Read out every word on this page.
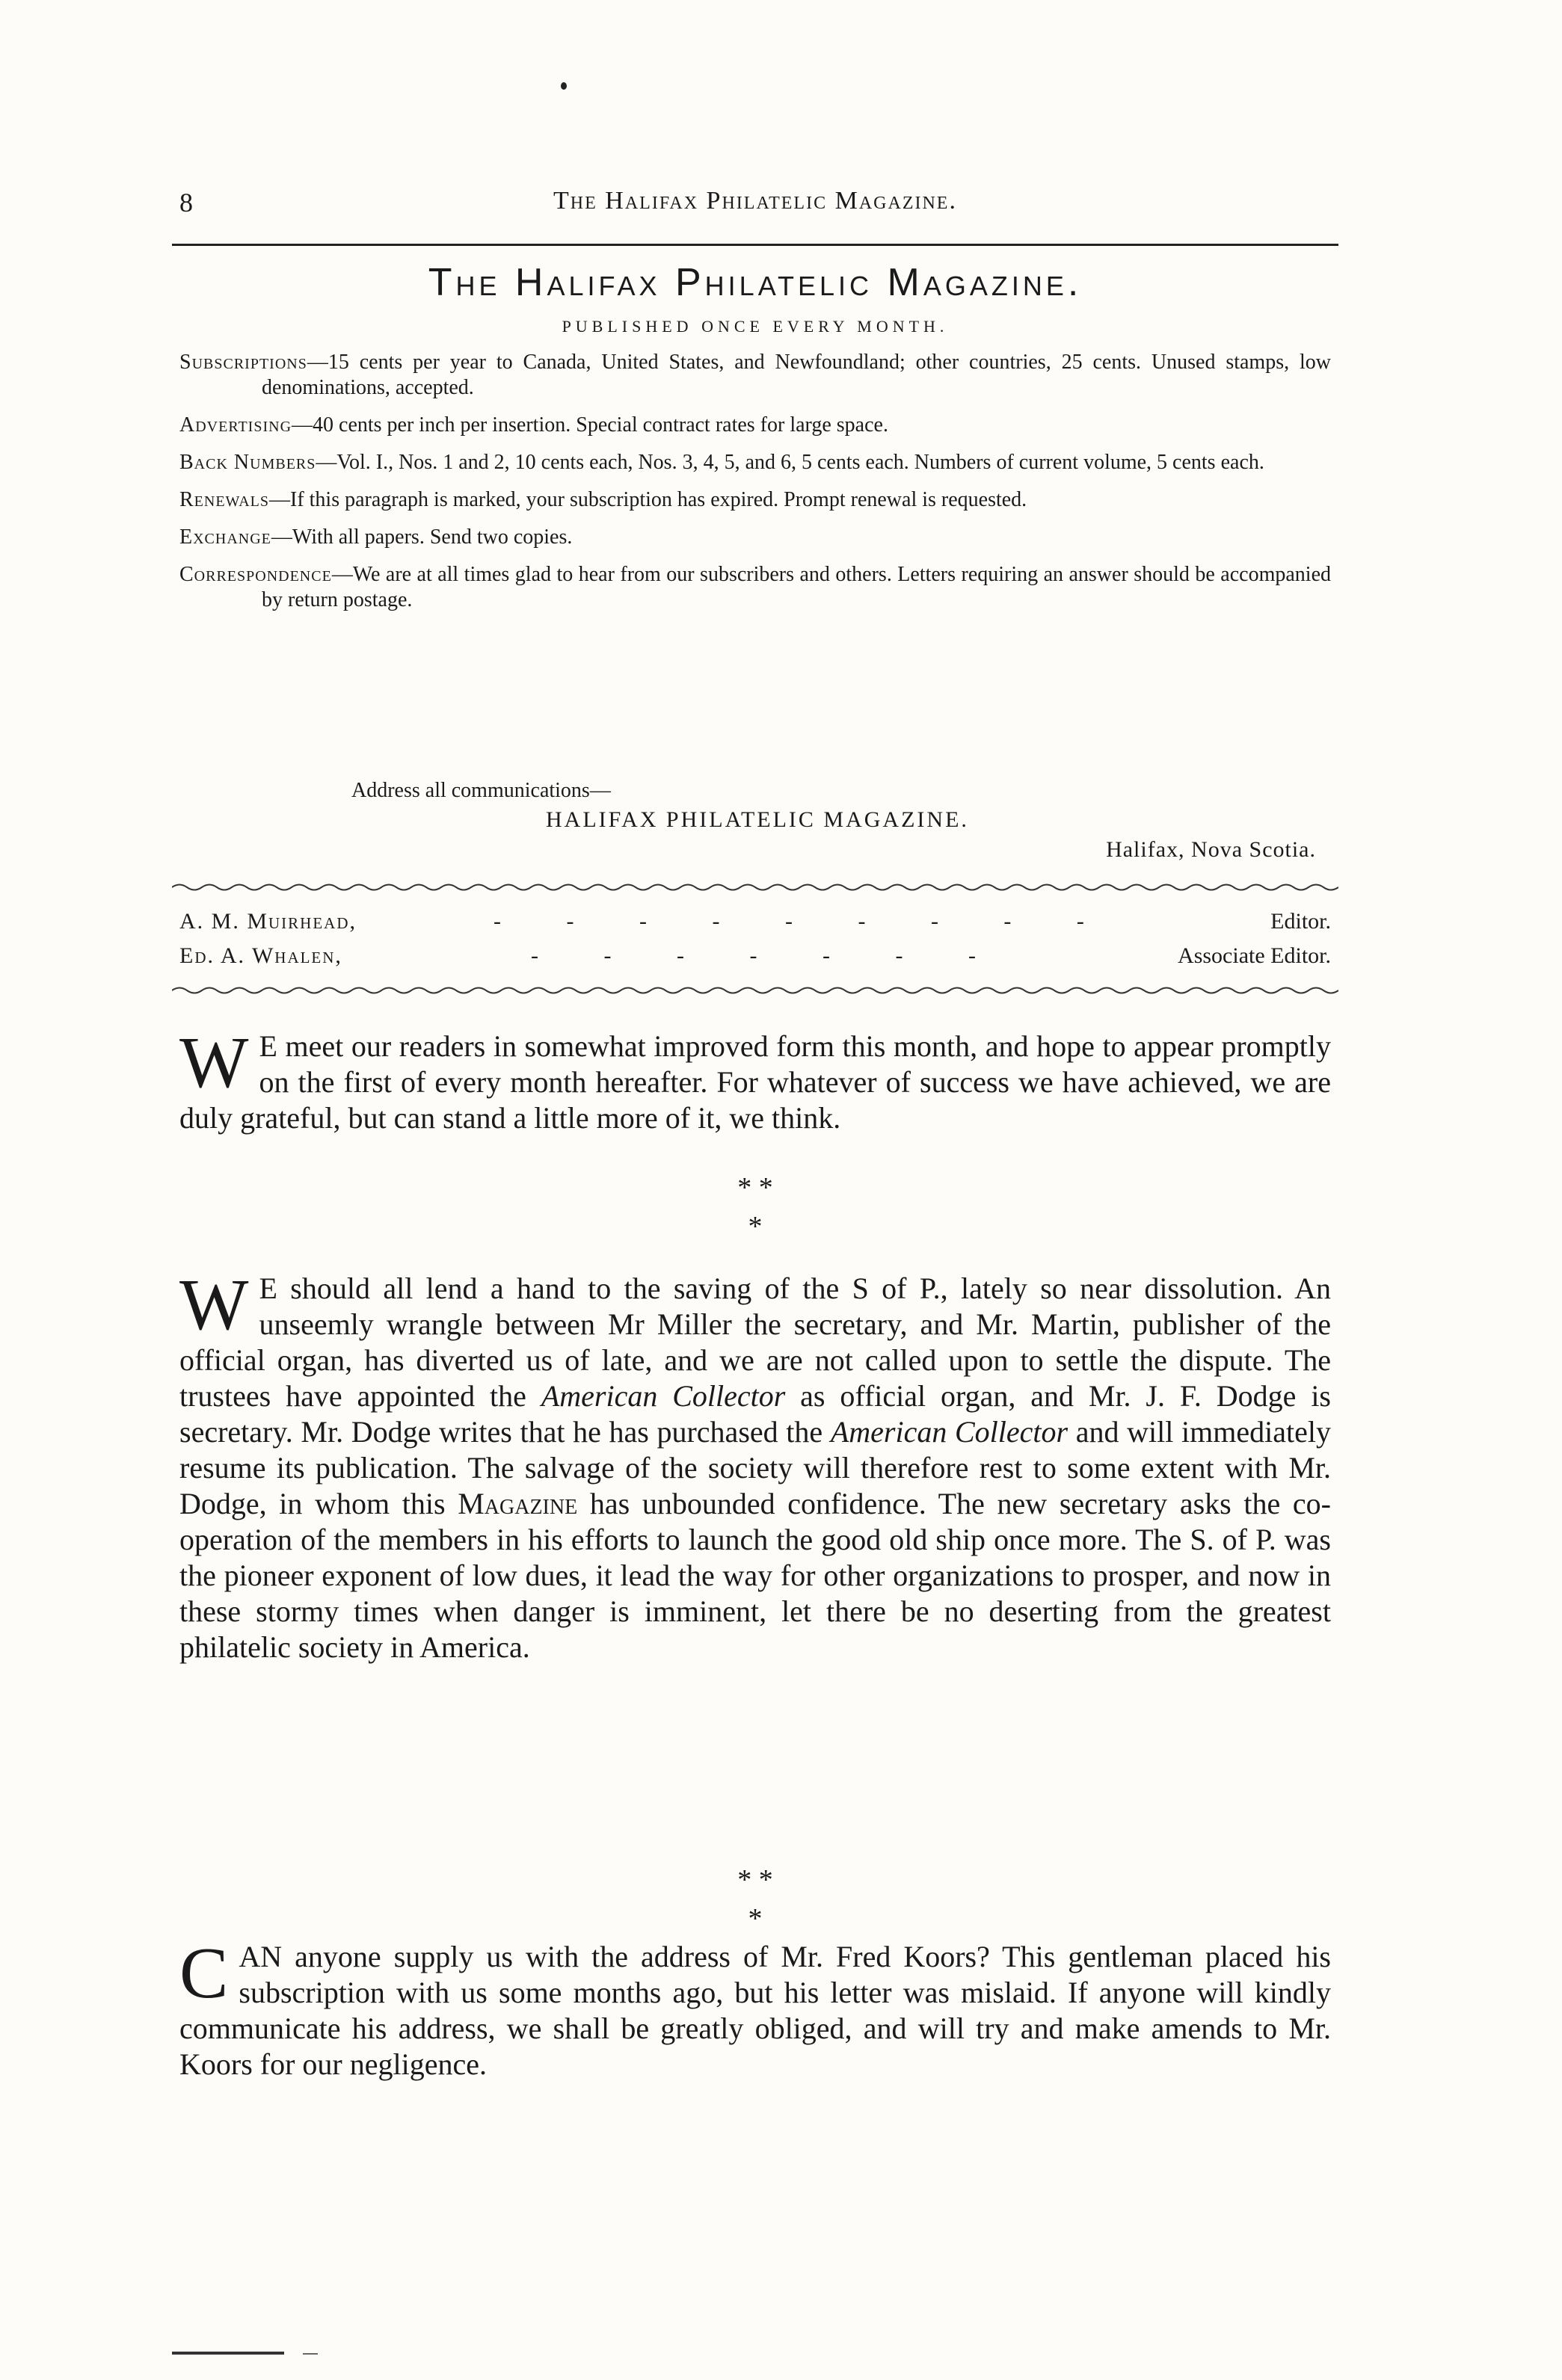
8	The Halifax Philatelic Magazine.
The Halifax Philatelic Magazine.
PUBLISHED ONCE EVERY MONTH.

Subscriptions—15 cents per year to Canada, United States, and Newfoundland; other countries, 25 cents. Unused stamps, low denominations, accepted.

Advertising—40 cents per inch per insertion. Special contract rates for large space.

Back Numbers—Vol. I., Nos. 1 and 2, 10 cents each, Nos. 3, 4, 5, and 6, 5 cents each. Numbers of current volume, 5 cents each.

Renewals—If this paragraph is marked, your subscription has expired. Prompt renewal is requested.

Exchange—With all papers. Send two copies.

Correspondence—We are at all times glad to hear from our subscribers and others. Letters requiring an answer should be accompanied by return postage.

Address all communications—
HALIFAX PHILATELIC MAGAZINE.
Halifax, Nova Scotia.
A. M. Muirhead,	- - - - - - - - -	Editor.
Ed. A. Whalen,	- - - - - - -	Associate Editor.

W E meet our readers in somewhat improved form this month, and hope to appear promptly on the first of every month hereafter. For whatever of success we have achieved, we are duly grateful, but can stand a little more of it, we think.

* *
*

W E should all lend a hand to the saving of the S of P., lately so near dissolution. An unseemly wrangle between Mr Miller the secretary, and Mr. Martin, publisher of the official organ, has diverted us of late, and we are not called upon to settle the dispute. The trustees have appointed the American Collector as official organ, and Mr. J. F. Dodge is secretary. Mr. Dodge writes that he has purchased the American Collector and will immediately resume its publication. The salvage of the society will therefore rest to some extent with Mr. Dodge, in whom this Magazine has unbounded confidence. The new secretary asks the co-operation of the members in his efforts to launch the good old ship once more. The S. of P. was the pioneer exponent of low dues, it lead the way for other organizations to prosper, and now in these stormy times when danger is imminent, let there be no deserting from the greatest philatelic society in America.

* *
*

CAN anyone supply us with the address of Mr. Fred Koors? This gentleman placed his subscription with us some months ago, but his letter was mislaid. If anyone will kindly communicate his address, we shall be greatly obliged, and will try and make amends to Mr. Koors for our negligence.
